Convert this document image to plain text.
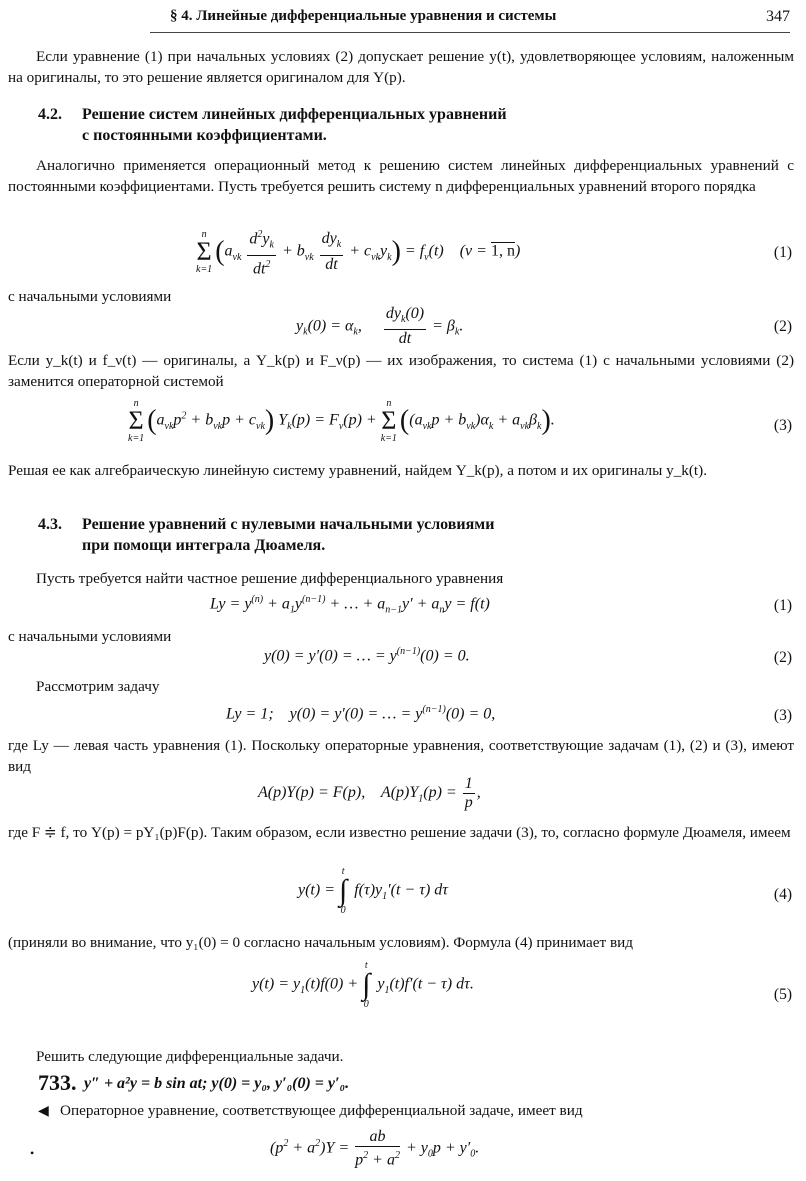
§ 4. Линейные дифференциальные уравнения и системы	347
Если уравнение (1) при начальных условиях (2) допускает решение y(t), удовлетворяющее условиям, наложенным на оригиналы, то это решение является оригиналом для Y(p).
4.2. Решение систем линейных дифференциальных уравнений
с постоянными коэффициентами.
Аналогично применяется операционный метод к решению систем линейных дифференциальных уравнений с постоянными коэффициентами. Пусть требуется решить систему n дифференциальных уравнений второго порядка
n
Σ
k=1
$(a_{\nu k} \frac{d^2y_k}{dt^2} + b_{\nu k} \frac{dy_k}{dt} + c_{\nu k}y_k) = f_\nu(t)$    (ν = 1, n)	(1)
с начальными условиями
$y_k(0) = \alpha_k$, $\frac{dy_k(0)}{dt} = \beta_k$.	(2)
Если y_k(t) и f_ν(t) — оригиналы, а Y_k(p) и F_ν(p) — их изображения, то система (1) с начальными условиями (2) заменится операторной системой
n
Σ
k=1
$(a_{\nu k}p^2 + b_{\nu k}p + c_{\nu k}) Y_k(p) = F_\nu(p)$ +
n
Σ
k=1
$((a_{\nu k}p + b_{\nu k})\alpha_k + a_{\nu k}\beta_k)$.	(3)
Решая ее как алгебраическую линейную систему уравнений, найдем Y_k(p), а потом и их оригиналы y_k(t).
4.3. Решение уравнений с нулевыми начальными условиями
при помощи интеграла Дюамеля.
Пусть требуется найти частное решение дифференциального уравнения
$Ly = y^{(n)} + a_1y^{(n-1)}$ + … + $a_{n-1}y' + a_ny = f(t)$	(1)
с начальными условиями
y(0) = y′(0) = … = $y^{(n-1)}(0) = 0$.	(2)
Рассмотрим задачу
Ly = 1;    y(0) = y′(0) = … = $y^{(n-1)}(0) = 0$,	(3)
где Ly — левая часть уравнения (1). Поскольку операторные уравнения, соответствующие задачам (1), (2) и (3), имеют вид
A(p)Y(p) = F(p),    $A(p)Y_1(p) = \frac{1}{p}$ ,
где F ≑ f, то Y(p) = pY₁(p)F(p). Таким образом, если известно решение задачи (3), то, согласно формуле Дюамеля, имеем
y(t) =
t
∫
0
$f(\tau)y_1'(t - \tau)$ dτ	(4)
(приняли во внимание, что y₁(0) = 0 согласно начальным условиям). Формула (4) принимает вид
$y(t) = y_1(t)f(0)$ +
t
∫
0
$y_1(t)f'(t - \tau)$ dτ.
(5)
Решить следующие дифференциальные задачи.
733. y″ + a²y = b sin at; y(0) = y₀, y′₀(0) = y′₀.
◀ Операторное уравнение, соответствующее дифференциальной задаче, имеет вид
•	$(p^2 + a^2)Y = \frac{ab}{p^2 + a^2} + y_0p + y'_0$.
